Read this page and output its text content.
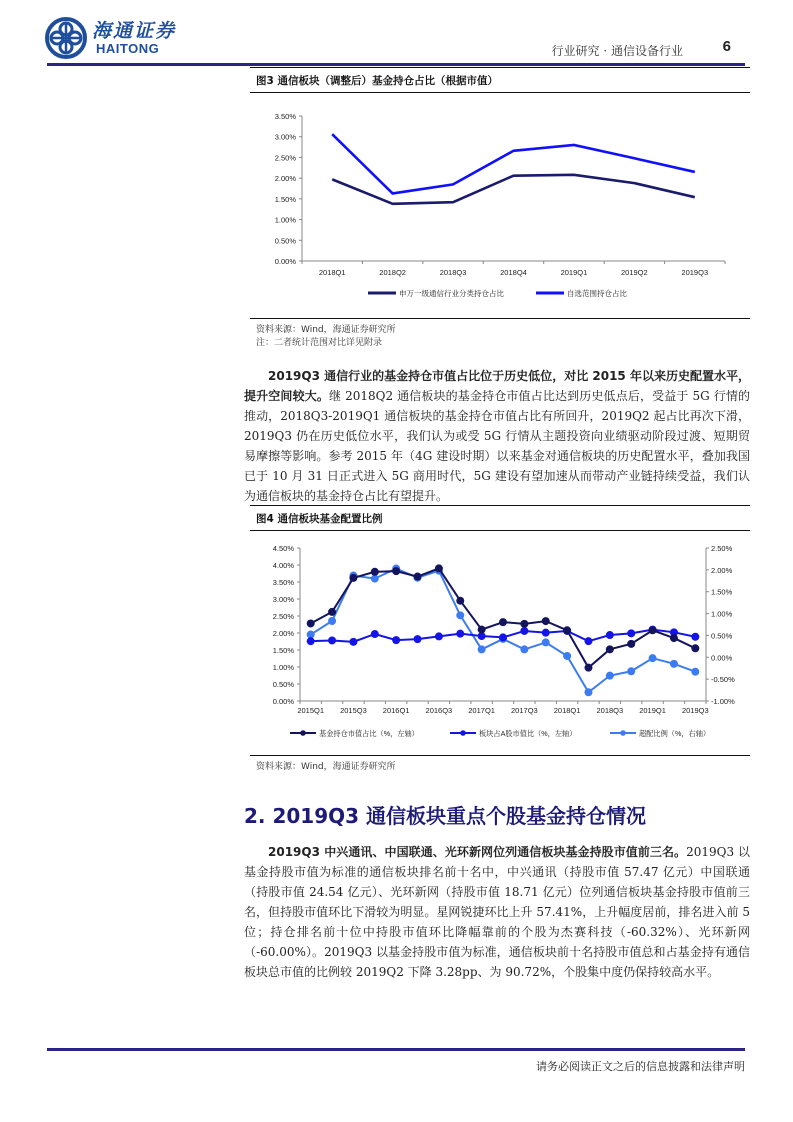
海通证券
HAITONG	行业研究 · 通信设备行业	6
图3 通信板块（调整后）基金持仓占比（根据市值）
0.00%
0.50%
1.00%
1.50%
2.00%
2.50%
3.00%
3.50%
2018Q1	2018Q2	2018Q3	2018Q4	2019Q1	2019Q2	2019Q3
申万一级通信行业分类持仓占比	自选范围持仓占比
资料来源：Wind，海通证券研究所
注：二者统计范围对比详见附录
2019Q3 通信行业的基金持仓市值占比位于历史低位，对比 2015 年以来历史配置水平，提升空间较大。继 2018Q2 通信板块的基金持仓市值占比达到历史低点后，受益于 5G 行情的推动，2018Q3-2019Q1 通信板块的基金持仓市值占比有所回升，2019Q2 起占比再次下滑，2019Q3 仍在历史低位水平，我们认为或受 5G 行情从主题投资向业绩驱动阶段过渡、短期贸易摩擦等影响。参考 2015 年（4G 建设时期）以来基金对通信板块的历史配置水平，叠加我国已于 10 月 31 日正式进入 5G 商用时代，5G 建设有望加速从而带动产业链持续受益，我们认为通信板块的基金持仓占比有望提升。
图4 通信板块基金配置比例
0.00%
0.50%
1.00%
1.50%
2.00%
2.50%
3.00%
3.50%
4.00%
4.50%
-1.00%
-0.50%
0.00%
0.50%
1.00%
1.50%
2.00%
2.50%
2015Q1 2015Q3 2016Q1 2016Q3 2017Q1 2017Q3 2018Q1 2018Q3 2019Q1 2019Q3
基金持仓市值占比（%，左轴）	板块占A股市值比（%，左轴）	超配比例（%，右轴）
资料来源：Wind，海通证券研究所
2. 2019Q3 通信板块重点个股基金持仓情况
2019Q3 中兴通讯、中国联通、光环新网位列通信板块基金持股市值前三名。2019Q3 以基金持股市值为标准的通信板块排名前十名中，中兴通讯（持股市值 57.47 亿元）中国联通（持股市值 24.54 亿元）、光环新网（持股市值 18.71 亿元）位列通信板块基金持股市值前三名，但持股市值环比下滑较为明显。星网锐捷环比上升 57.41%，上升幅度居前，排名进入前 5 位；持仓排名前十位中持股市值环比降幅靠前的个股为杰赛科技（-60.32%）、光环新网（-60.00%）。2019Q3 以基金持股市值为标准，通信板块前十名持股市值总和占基金持有通信板块总市值的比例较 2019Q2 下降 3.28pp、为 90.72%，个股集中度仍保持较高水平。
请务必阅读正文之后的信息披露和法律声明
